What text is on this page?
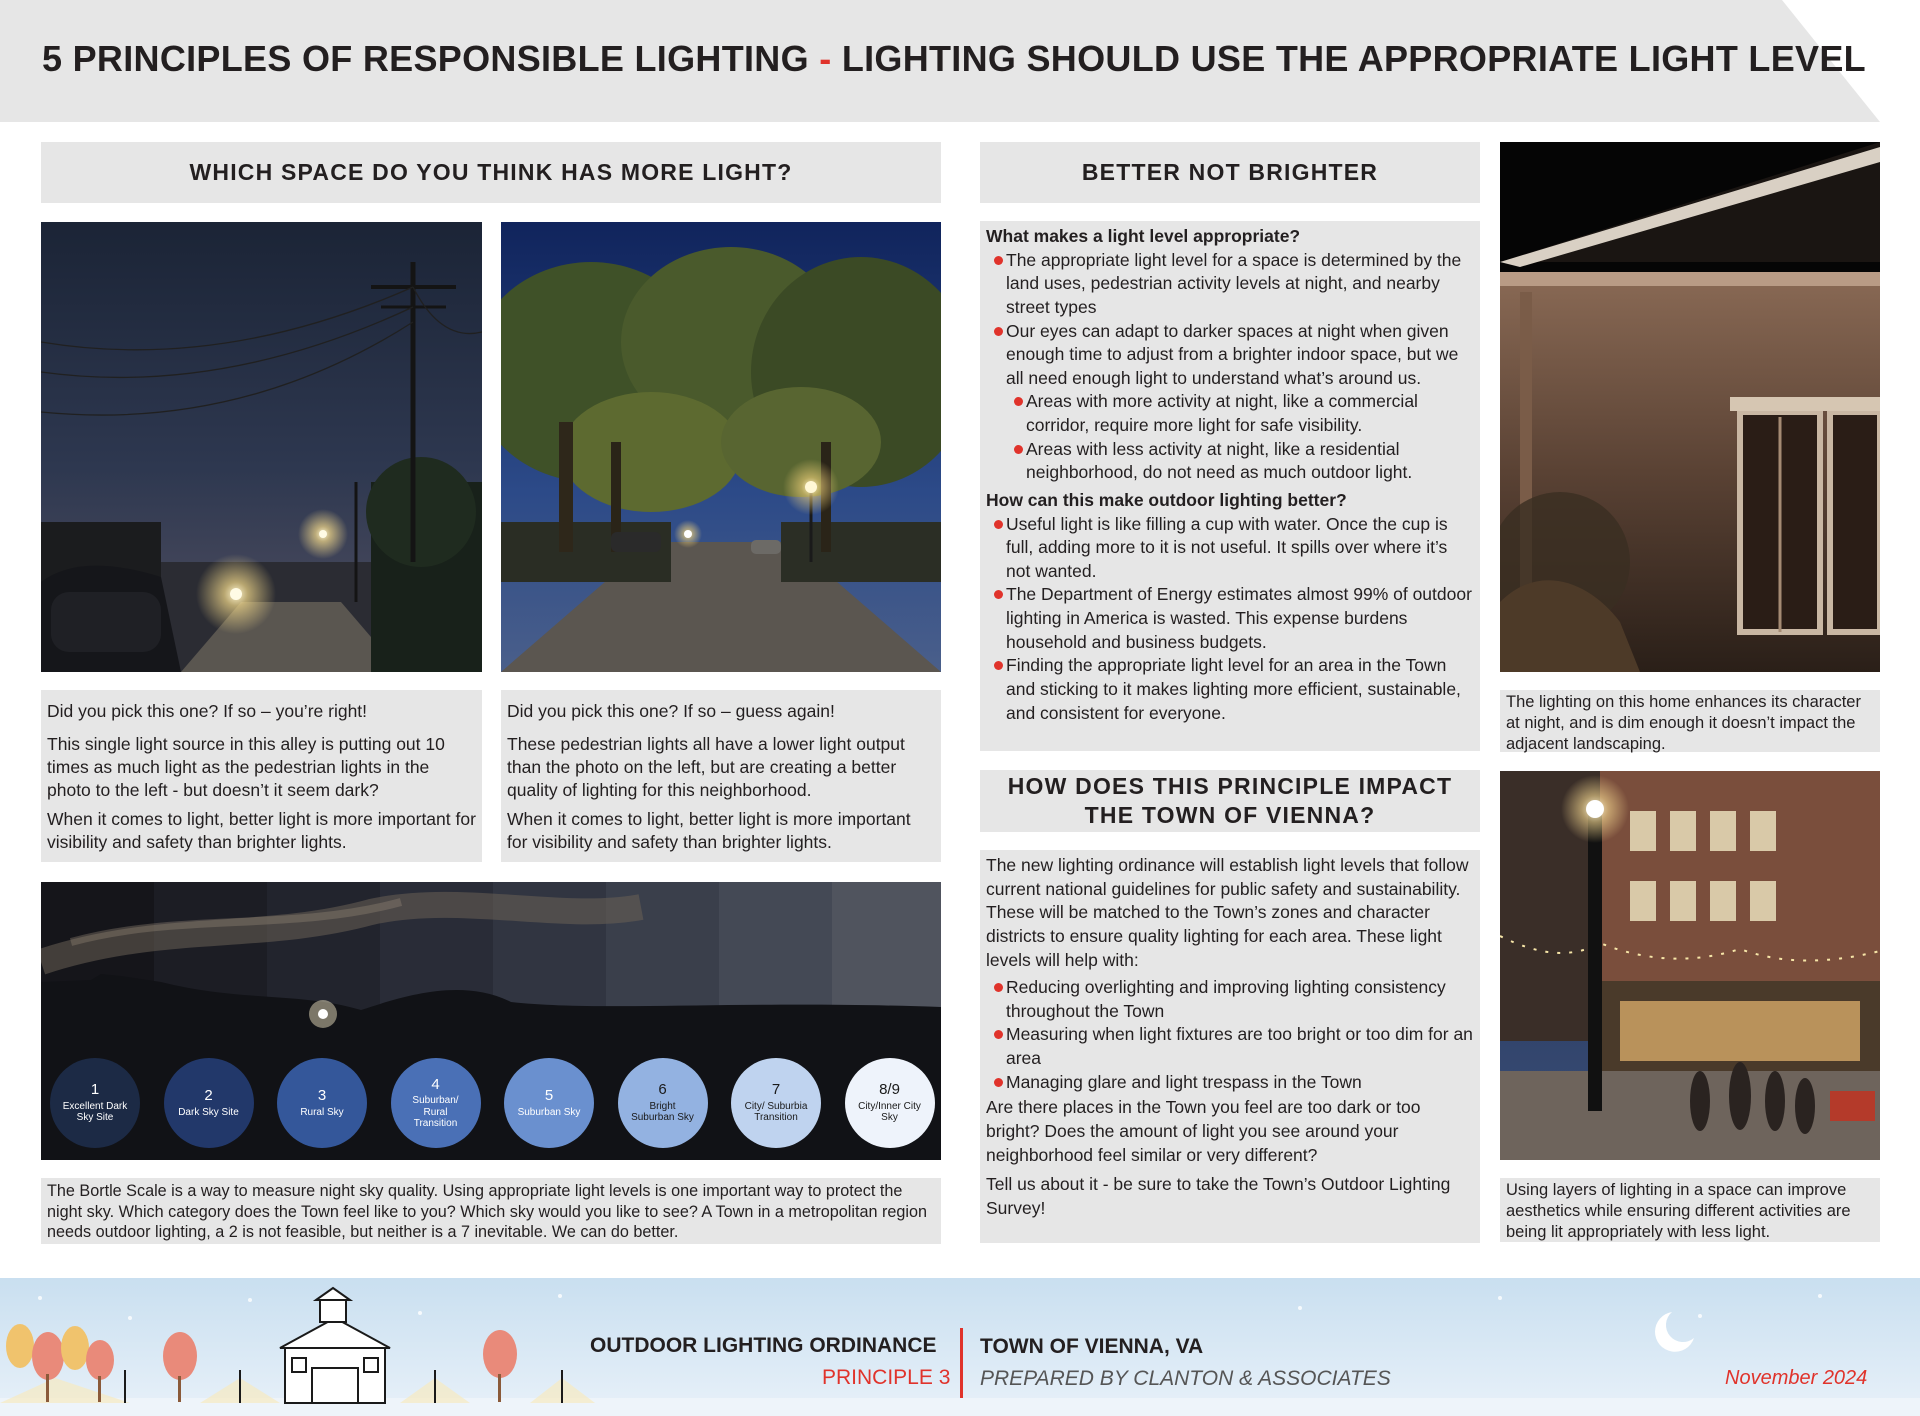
5 PRINCIPLES OF RESPONSIBLE LIGHTING - LIGHTING SHOULD USE THE APPROPRIATE LIGHT LEVEL
WHICH SPACE DO YOU THINK HAS MORE LIGHT?

Did you pick this one? If so – you’re right!

This single light source in this alley is putting out 10 times as much light as the pedestrian lights in the photo to the left - but doesn’t it seem dark?

When it comes to light, better light is more important for visibility and safety than brighter lights.

Did you pick this one? If so – guess again!

These pedestrian lights all have a lower light output than the photo on the left, but are creating a better quality of lighting for this neighborhood.

When it comes to light, better light is more important for visibility and safety than brighter lights.

1
Excellent Dark Sky Site
2
Dark Sky Site
3
Rural Sky
4
Suburban/ Rural Transition
5
Suburban Sky
6
Bright Suburban Sky
7
City/ Suburbia Transition
8/9
City/Inner City Sky
The Bortle Scale is a way to measure night sky quality. Using appropriate light levels is one important way to protect the night sky. Which category does the Town feel like to you? Which sky would you like to see? A Town in a metropolitan region needs outdoor lighting, a 2 is not feasible, but neither is a 7 inevitable. We can do better.
BETTER NOT BRIGHTER
What makes a light level appropriate?
The appropriate light level for a space is determined by the land uses, pedestrian activity levels at night, and nearby street types
Our eyes can adapt to darker spaces at night when given enough time to adjust from a brighter indoor space, but we all need enough light to understand what’s around us.
Areas with more activity at night, like a commercial corridor, require more light for safe visibility.
Areas with less activity at night, like a residential neighborhood, do not need as much outdoor light.
How can this make outdoor lighting better?
Useful light is like filling a cup with water. Once the cup is full, adding more to it is not useful. It spills over where it’s not wanted.
The Department of Energy estimates almost 99% of outdoor lighting in America is wasted. This expense burdens household and business budgets.
Finding the appropriate light level for an area in the Town and sticking to it makes lighting more efficient, sustainable, and consistent for everyone.
HOW DOES THIS PRINCIPLE IMPACT THE TOWN OF VIENNA?
The new lighting ordinance will establish light levels that follow current national guidelines for public safety and sustainability. These will be matched to the Town’s zones and character districts to ensure quality lighting for each area. These light levels will help with:
Reducing overlighting and improving lighting consistency throughout the Town
Measuring when light fixtures are too bright or too dim for an area
Managing glare and light trespass in the Town
Are there places in the Town you feel are too dark or too bright? Does the amount of light you see around your neighborhood feel similar or very different?
Tell us about it - be sure to take the Town’s Outdoor Lighting Survey!
The lighting on this home enhances its character at night, and is dim enough it doesn’t impact the adjacent landscaping.
Using layers of lighting in a space can improve aesthetics while ensuring different activities are being lit appropriately with less light.
OUTDOOR LIGHTING ORDINANCE
PRINCIPLE 3
TOWN OF VIENNA, VA
PREPARED BY CLANTON & ASSOCIATES	November 2024
